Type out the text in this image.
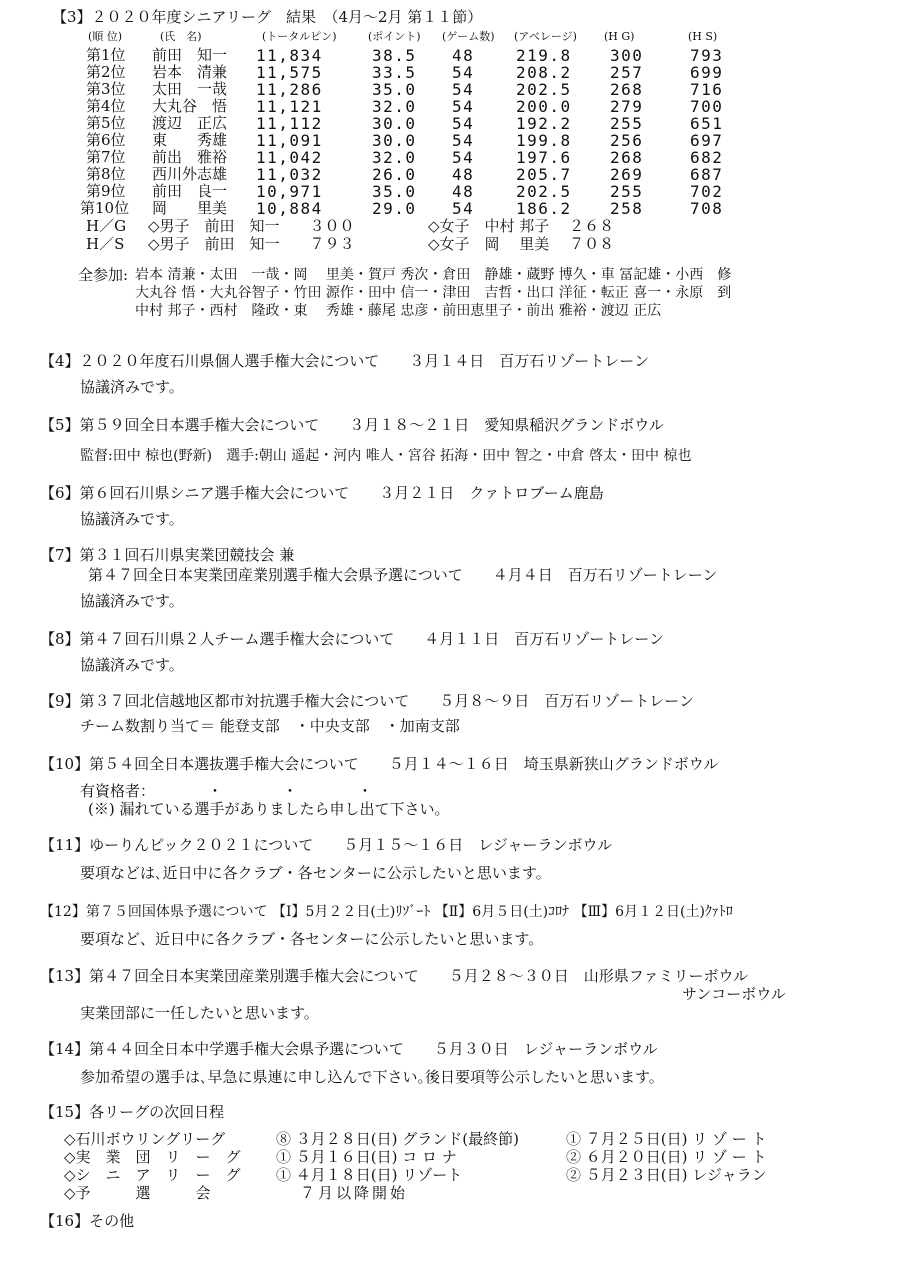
【3】２０２０年度シニアリーグ　結果　（4月～2月 第１１節）
(順 位)	(氏　名)	(トータルピン)	(ポイント) (ゲーム数) (アベレージ) (H G)	(H S)
第1位 前田　知一 11,834	38.5 48	219.8 300	793
第2位 岩本　清兼 11,575	33.5 54	208.2 257	699
第3位 太田　一哉 11,286	35.0 54	202.5 268	716
第4位 大丸谷　悟 11,121	32.0 54	200.0 279	700
第5位 渡辺　正広 11,112	30.0 54	192.2 255	651
第6位 東　　秀雄 11,091	30.0 54	199.8 256	697
第7位 前出　雅裕 11,042	32.0 54	197.6 268	682
第8位 西川外志雄 11,032	26.0 48	205.7 269	687
第9位 前田　良一 10,971	35.0 48	202.5 255	702
第10位 岡　　里美 10,884	29.0 54	186.2 258	708
H／G ◇男子　前田　知一　　３００	◇女子　中村 邦子　 ２６８
H／S ◇男子　前田　知一　　７９３	◇女子　岡　 里美　 ７０８
全参加: 岩本 清兼・太田　一哉・岡　 里美・賀戸 秀次・倉田　静雄・蔵野 博久・車 冨記雄・小西　修
大丸谷 悟・大丸谷智子・竹田 源作・田中 信一・津田　吉哲・出口 洋征・転正 喜一・永原　到
中村 邦子・西村　隆政・東　 秀雄・藤尾 忠彦・前田恵里子・前出 雅裕・渡辺 正広
【4】２０２０年度石川県個人選手権大会について　　３月１４日　百万石リゾートレーン
協議済みです。
【5】第５９回全日本選手権大会について　　３月１８～２１日　愛知県稲沢グランドボウル
監督:田中 椋也(野新)　選手:朝山 遥起・河内 唯人・宮谷 拓海・田中 智之・中倉 啓太・田中 椋也
【6】第６回石川県シニア選手権大会について　　３月２１日　クァトロブーム鹿島
協議済みです。
【7】第３１回石川県実業団競技会 兼
第４７回全日本実業団産業別選手権大会県予選について　　４月４日　百万石リゾートレーン
協議済みです。
【8】第４７回石川県２人チーム選手権大会について　　４月１１日　百万石リゾートレーン
協議済みです。
【9】第３７回北信越地区都市対抗選手権大会について　　５月８～９日　百万石リゾートレーン
チーム数割り当て＝ 能登支部　・中央支部　・加南支部
【10】第５４回全日本選抜選手権大会について　　５月１４～１６日　埼玉県新狭山グランドボウル
有資格者：　　　　・　　　　・　　　　・
(※) 漏れている選手がありましたら申し出て下さい。
【11】ゆーりんピック２０２１について　　５月１５～１６日　レジャーランボウル
要項などは､近日中に各クラブ・各センターに公示したいと思います。
【12】第７５回国体県予選について 【Ⅰ】5月２２日(土)ﾘｿﾞｰﾄ 【Ⅱ】6月５日(土)ｺﾛﾅ 【Ⅲ】6月１２日(土)ｸｧﾄﾛ
要項など、近日中に各クラブ・各センターに公示したいと思います。
【13】第４７回全日本実業団産業別選手権大会について　　５月２８～３０日　山形県ファミリーボウル
サンコーボウル
実業団部に一任したいと思います。
【14】第４４回全日本中学選手権大会県予選について　　５月３０日　レジャーランボウル
参加希望の選手は､早急に県連に申し込んで下さい｡後日要項等公示したいと思います。
【15】各リーグの次回日程
◇石川ボウリングリーグ	⑧ ３月２８日(日) グランド(最終節)	① ７月２５日(日) リ ゾ ー ト
◇実　業　団　リ　ー　グ ① ５月１６日(日) コ ロ ナ	② ６月２０日(日) リ ゾ ー ト
◇シ　ニ　ア　リ　ー　グ ① ４月１８日(日) リゾート	② ５月２３日(日) レジャラン
◇予　　　選　　　会	７月以降開始
【16】その他
